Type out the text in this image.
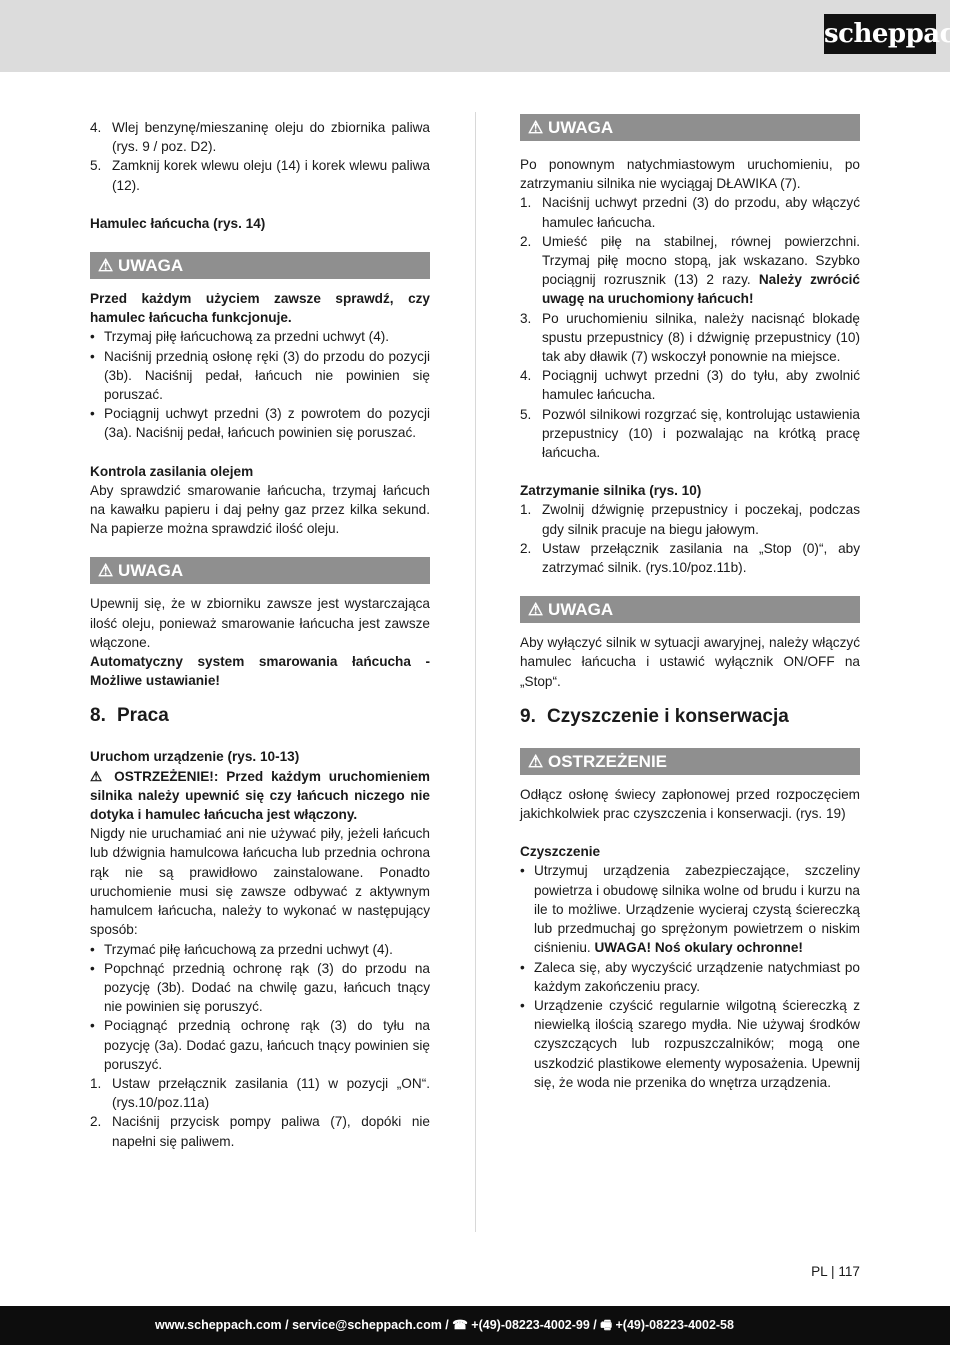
scheppach
4. Wlej benzynę/mieszaninę oleju do zbiornika paliwa (rys. 9 / poz. D2).
5. Zamknij korek wlewu oleju (14) i korek wlewu paliwa (12).

Hamulec łańcucha (rys. 14)

⚠ UWAGA

Przed każdym użyciem zawsze sprawdź, czy hamulec łańcucha funkcjonuje.

• Trzymaj piłę łańcuchową za przedni uchwyt (4).
• Naciśnij przednią osłonę ręki (3) do przodu do pozycji (3b). Naciśnij pedał, łańcuch nie powinien się poruszać.
• Pociągnij uchwyt przedni (3) z powrotem do pozycji (3a). Naciśnij pedał, łańcuch powinien się poruszać.

Kontrola zasilania olejem

Aby sprawdzić smarowanie łańcucha, trzymaj łańcuch na kawałku papieru i daj pełny gaz przez kilka sekund. Na papierze można sprawdzić ilość oleju.

⚠ UWAGA

Upewnij się, że w zbiorniku zawsze jest wystarczająca ilość oleju, ponieważ smarowanie łańcucha jest zawsze włączone.

Automatyczny system smarowania łańcucha - Możliwe ustawianie!

8. Praca

Uruchom urządzenie (rys. 10-13)

⚠ OSTRZEŻENIE!: Przed każdym uruchomieniem silnika należy upewnić się czy łańcuch niczego nie dotyka i hamulec łańcucha jest włączony.

Nigdy nie uruchamiać ani nie używać piły, jeżeli łańcuch lub dźwignia hamulcowa łańcucha lub przednia ochrona rąk nie są prawidłowo zainstalowane. Ponadto uruchomienie musi się zawsze odbywać z aktywnym hamulcem łańcucha, należy to wykonać w następujący sposób:

• Trzymać piłę łańcuchową za przedni uchwyt (4).
• Popchnąć przednią ochronę rąk (3) do przodu na pozycję (3b). Dodać na chwilę gazu, łańcuch tnący nie powinien się poruszyć.
• Pociągnąć przednią ochronę rąk (3) do tyłu na pozycję (3a). Dodać gazu, łańcuch tnący powinien się poruszyć.
1. Ustaw przełącznik zasilania (11) w pozycji „ON“. (rys.10/poz.11a)
2. Naciśnij przycisk pompy paliwa (7), dopóki nie napełni się paliwem.
⚠ UWAGA

Po ponownym natychmiastowym uruchomieniu, po zatrzymaniu silnika nie wyciągaj DŁAWIKA (7).

1. Naciśnij uchwyt przedni (3) do przodu, aby włączyć hamulec łańcucha.
2. Umieść piłę na stabilnej, równej powierzchni. Trzymaj piłę mocno stopą, jak wskazano. Szybko pociągnij rozrusznik (13) 2 razy. Należy zwrócić uwagę na uruchomiony łańcuch!
3. Po uruchomieniu silnika, należy nacisnąć blokadę spustu przepustnicy (8) i dźwignię przepustnicy (10) tak aby dławik (7) wskoczył ponownie na miejsce.
4. Pociągnij uchwyt przedni (3) do tyłu, aby zwolnić hamulec łańcucha.
5. Pozwól silnikowi rozgrzać się, kontrolując ustawienia przepustnicy (10) i pozwalając na krótką pracę łańcucha.

Zatrzymanie silnika (rys. 10)

1. Zwolnij dźwignię przepustnicy i poczekaj, podczas gdy silnik pracuje na biegu jałowym.
2. Ustaw przełącznik zasilania na „Stop (0)“, aby zatrzymać silnik. (rys.10/poz.11b).
⚠ UWAGA

Aby wyłączyć silnik w sytuacji awaryjnej, należy włączyć hamulec łańcucha i ustawić wyłącznik ON/OFF na „Stop“.

9. Czyszczenie i konserwacja

⚠ OSTRZEŻENIE

Odłącz osłonę świecy zapłonowej przed rozpoczęciem jakichkolwiek prac czyszczenia i konserwacji. (rys. 19)

Czyszczenie

• Utrzymuj urządzenia zabezpieczające, szczeliny powietrza i obudowę silnika wolne od brudu i kurzu na ile to możliwe. Urządzenie wycieraj czystą ściereczką lub przedmuchaj go sprężonym powietrzem o niskim ciśnieniu. UWAGA! Noś okulary ochronne!
• Zaleca się, aby wyczyścić urządzenie natychmiast po każdym zakończeniu pracy.
• Urządzenie czyścić regularnie wilgotną ściereczką z niewielką ilością szarego mydła. Nie używaj środków czyszczących lub rozpuszczalników; mogą one uszkodzić plastikowe elementy wyposażenia. Upewnij się, że woda nie przenika do wnętrza urządzenia.
PL | 117
www.scheppach.com / service@scheppach.com / ☎ +(49)-08223-4002-99 / 🖷 +(49)-08223-4002-58
